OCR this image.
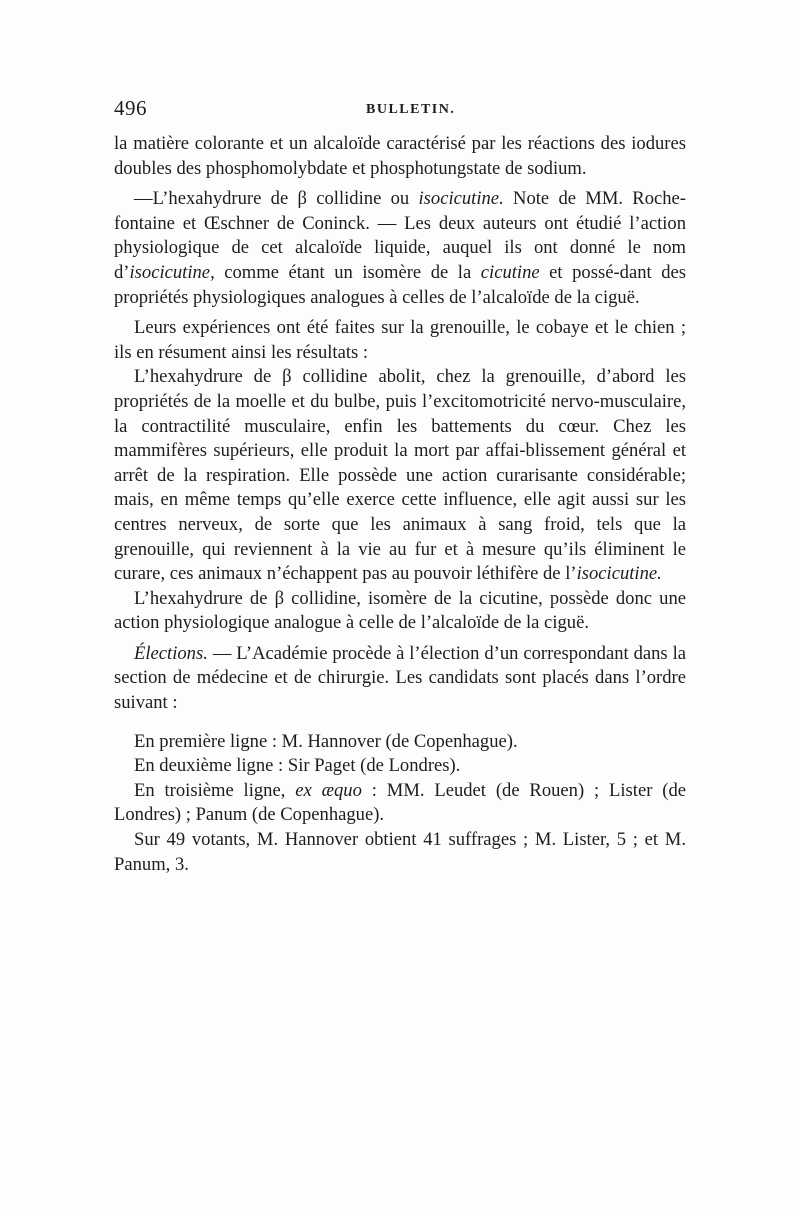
496	BULLETIN.

la matière colorante et un alcaloïde caractérisé par les réactions des iodures doubles des phosphomolybdate et phosphotungstate de sodium.

—L’hexahydrure de β collidine ou isocicutine. Note de MM. Roche-fontaine et Œschner de Coninck. — Les deux auteurs ont étudié l’action physiologique de cet alcaloïde liquide, auquel ils ont donné le nom d’isocicutine, comme étant un isomère de la cicutine et possé-dant des propriétés physiologiques analogues à celles de l’alcaloïde de la ciguë.

Leurs expériences ont été faites sur la grenouille, le cobaye et le chien ; ils en résument ainsi les résultats :

L’hexahydrure de β collidine abolit, chez la grenouille, d’abord les propriétés de la moelle et du bulbe, puis l’excitomotricité nervo-musculaire, la contractilité musculaire, enfin les battements du cœur. Chez les mammifères supérieurs, elle produit la mort par affai-blissement général et arrêt de la respiration. Elle possède une action curarisante considérable; mais, en même temps qu’elle exerce cette influence, elle agit aussi sur les centres nerveux, de sorte que les animaux à sang froid, tels que la grenouille, qui reviennent à la vie au fur et à mesure qu’ils éliminent le curare, ces animaux n’échappent pas au pouvoir léthifère de l’isocicutine.

L’hexahydrure de β collidine, isomère de la cicutine, possède donc une action physiologique analogue à celle de l’alcaloïde de la ciguë.

Élections. — L’Académie procède à l’élection d’un correspondant dans la section de médecine et de chirurgie. Les candidats sont placés dans l’ordre suivant :

En première ligne : M. Hannover (de Copenhague).

En deuxième ligne : Sir Paget (de Londres).

En troisième ligne, ex æquo : MM. Leudet (de Rouen) ; Lister (de Londres) ; Panum (de Copenhague).

Sur 49 votants, M. Hannover obtient 41 suffrages ; M. Lister, 5 ; et M. Panum, 3.
